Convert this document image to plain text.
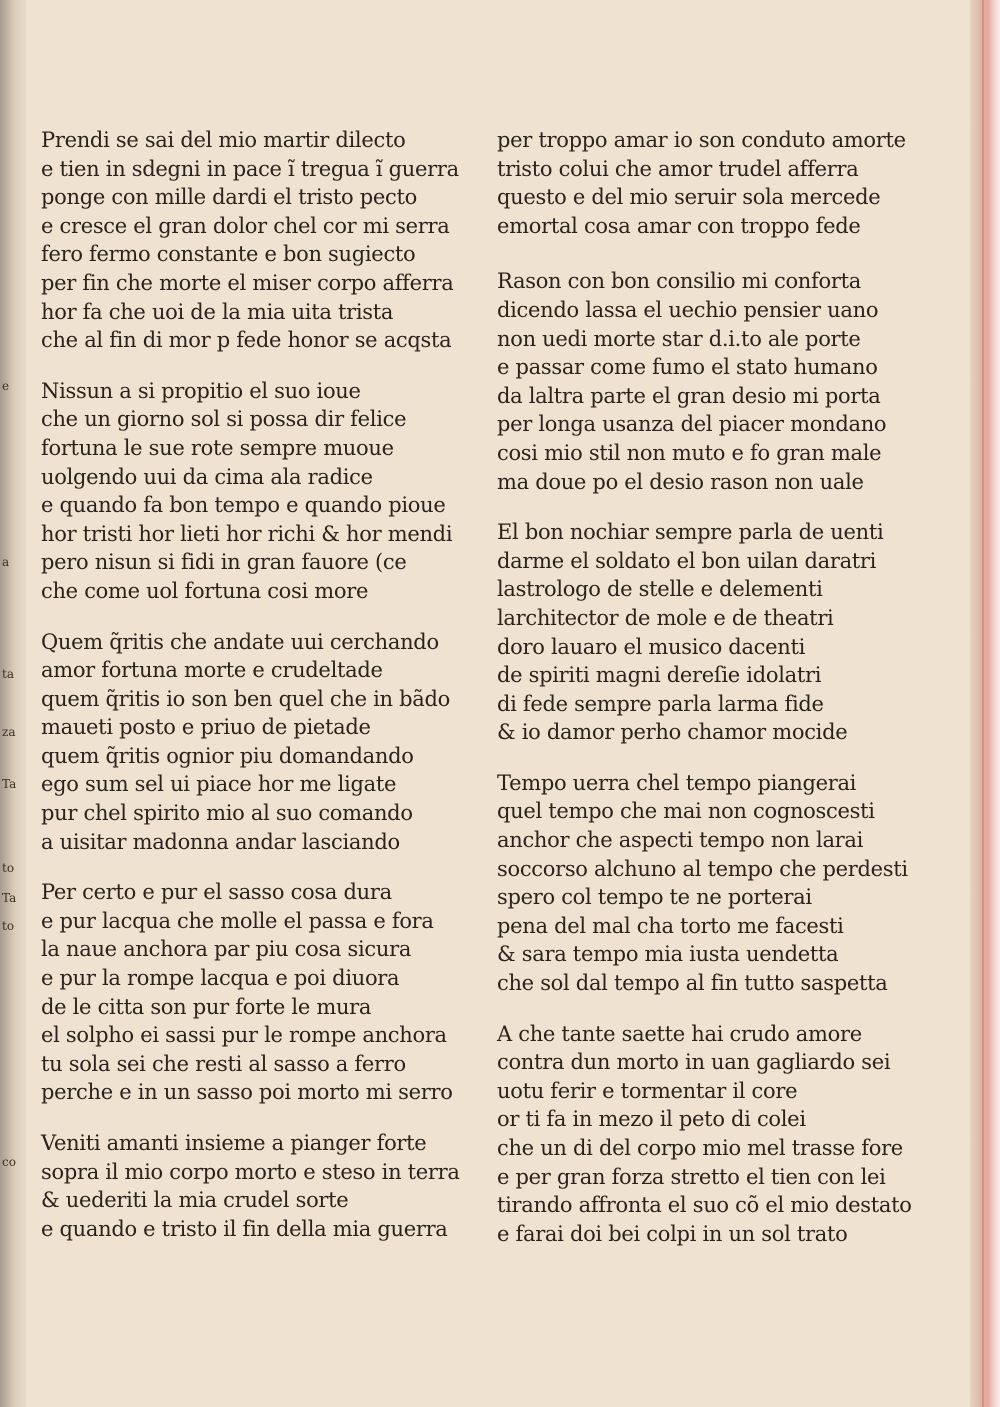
e
a
ta
za
Ta
to
Ta
to
co
Prendi se sai del mio martir dilecto
e tien in sdegni in pace ĩ tregua ĩ guerra
ponge con mille dardi el tristo pecto
e cresce el gran dolor chel cor mi serra
fero fermo constante e bon sugiecto
per fin che morte el miser corpo afferra
hor fa che uoi de la mia uita trista
che al fin di mor p fede honor se acqsta
Nissun a si propitio el suo ioue
che un giorno sol si possa dir felice
fortuna le sue rote sempre muoue
uolgendo uui da cima ala radice
e quando fa bon tempo e quando pioue
hor tristi hor lieti hor richi & hor mendi
pero nisun si fidi in gran fauore (ce
che come uol fortuna cosi more
Quem q̃ritis che andate uui cerchando
amor fortuna morte e crudeltade
quem q̃ritis io son ben quel che in bãdo
maueti posto e priuo de pietade
quem q̃ritis ognior piu domandando
ego sum sel ui piace hor me ligate
pur chel spirito mio al suo comando
a uisitar madonna andar lasciando
Per certo e pur el sasso cosa dura
e pur lacqua che molle el passa e fora
la naue anchora par piu cosa sicura
e pur la rompe lacqua e poi diuora
de le citta son pur forte le mura
el solpho ei sassi pur le rompe anchora
tu sola sei che resti al sasso a ferro
perche e in un sasso poi morto mi serro
Veniti amanti insieme a pianger forte
sopra il mio corpo morto e steso in terra
& uederiti la mia crudel sorte
e quando e tristo il fin della mia guerra
per troppo amar io son conduto amorte
tristo colui che amor trudel afferra
questo e del mio seruir sola mercede
emortal cosa amar con troppo fede
Rason con bon consilio mi conforta
dicendo lassa el uechio pensier uano
non uedi morte star d.i.to ale porte
e passar come fumo el stato humano
da laltra parte el gran desio mi porta
per longa usanza del piacer mondano
cosi mio stil non muto e fo gran male
ma doue po el desio rason non uale
El bon nochiar sempre parla de uenti
darme el soldato el bon uilan daratri
lastrologo de stelle e delementi
larchitector de mole e de theatri
doro lauaro el musico dacenti
de spiriti magni dereſie idolatri
di fede sempre parla larma fide
& io damor perho chamor mocide
Tempo uerra chel tempo piangerai
quel tempo che mai non cognoscesti
anchor che aspecti tempo non larai
soccorso alchuno al tempo che perdesti
spero col tempo te ne porterai
pena del mal cha torto me facesti
& sara tempo mia iusta uendetta
che sol dal tempo al fin tutto saspetta
A che tante saette hai crudo amore
contra dun morto in uan gagliardo sei
uotu ferir e tormentar il core
or ti fa in mezo il peto di colei
che un di del corpo mio mel trasse fore
e per gran forza stretto el tien con lei
tirando affronta el suo cõ el mio destato
e farai doi bei colpi in un sol trato
